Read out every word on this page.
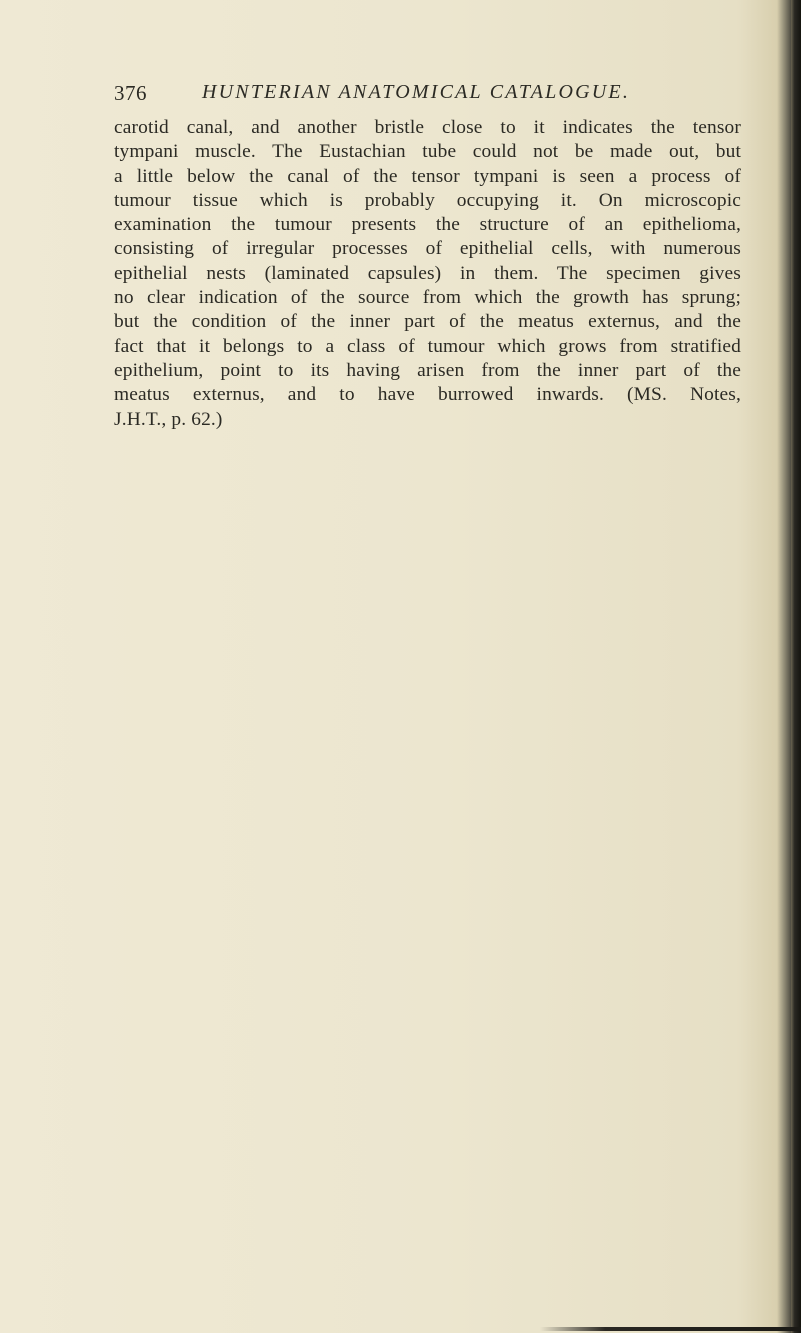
376	HUNTERIAN ANATOMICAL CATALOGUE.
carotid canal, and another bristle close to it indicates the tensor
tympani muscle. The Eustachian tube could not be made out, but
a little below the canal of the tensor tympani is seen a process of
tumour tissue which is probably occupying it. On microscopic
examination the tumour presents the structure of an epithelioma,
consisting of irregular processes of epithelial cells, with numerous
epithelial nests (laminated capsules) in them. The specimen gives
no clear indication of the source from which the growth has sprung;
but the condition of the inner part of the meatus externus, and the
fact that it belongs to a class of tumour which grows from stratified
epithelium, point to its having arisen from the inner part of the
meatus externus, and to have burrowed inwards. (MS. Notes,
J.H.T., p. 62.)
